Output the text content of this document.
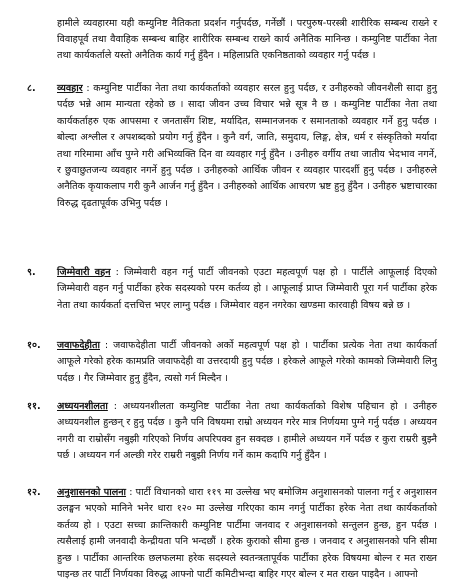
हामीले व्यवहारमा यही कम्युनिष्ट नैतिकता प्रदर्शन गर्नुपर्दछ, गर्नेछौं । परपुरुष-परस्त्री शारीरिक सम्बन्ध राख्ने र विवाहपूर्व तथा वैवाहिक सम्बन्ध बाहिर शारीरिक सम्बन्ध राख्ने कार्य अनैतिक मानिन्छ । कम्युनिष्ट पार्टीका नेता तथा कार्यकर्ताले यस्तो अनैतिक कार्य गर्नु हुँदैन । महिलाप्रति एकनिष्ठताको व्यवहार गर्नु पर्दछ ।

८.	व्यवहार : कम्युनिष्ट पार्टीका नेता तथा कार्यकर्ताको व्यवहार सरल हुनु पर्दछ, र उनीहरुको जीवनशैली सादा हुनु पर्दछ भन्ने आम मान्यता रहेको छ । सादा जीवन उच्च विचार भन्ने सूत्र नै छ । कम्युनिष्ट पार्टीका नेता तथा कार्यकर्ताहरु एक आपसमा र जनतासँग शिष्ट, मर्यादित, सम्मानजनक र समानताको व्यवहार गर्ने हुनु पर्दछ । बोल्दा अश्लील र अपशब्दको प्रयोग गर्नु हुँदैन । कुनै वर्ग, जाति, समुदाय, लिङ्ग, क्षेत्र, धर्म र संस्कृतिको मर्यादा तथा गरिमामा आँच पुग्ने गरी अभिव्यक्ति दिन वा व्यवहार गर्नु हुँदैन । उनीहरु वर्गीय तथा जातीय भेदभाव नगर्ने, र छुवाछुतजन्य व्यवहार नगर्ने हुनु पर्दछ । उनीहरुको आर्थिक जीवन र व्यवहार पारदर्शी हुनु पर्दछ । उनीहरुले अनैतिक कृयाकलाप गरी कुनै आर्जन गर्नु हुँदैन । उनीहरुको आर्थिक आचरण भ्रष्ट हुनु हुँदैन । उनीहरु भ्रष्टाचारका विरुद्ध दृढतापूर्वक उभिनु पर्दछ ।
९.	जिम्मेवारी वहन : जिम्मेवारी वहन गर्नु पार्टी जीवनको एउटा महत्वपूर्ण पक्ष हो । पार्टीले आफूलाई दिएको जिम्मेवारी वहन गर्नु पार्टीका हरेक सदस्यको परम कर्तव्य हो । आफूलाई प्राप्त जिम्मेवारी पूरा गर्न पार्टीका हरेक नेता तथा कार्यकर्ता दत्तचित्त भएर लाग्नु पर्दछ । जिम्मेवार वहन नगरेका खण्डमा कारवाही विषय बन्ने छ ।
१०.	जवाफदेहीता : जवाफदेहीता पार्टी जीवनको अर्को महत्वपूर्ण पक्ष हो । पार्टीका प्रत्येक नेता तथा कार्यकर्ता आफूले गरेको हरेक कामप्रति जवाफदेही वा उत्तरदायी हुनु पर्दछ । हरेकले आफूले गरेको कामको जिम्मेवारी लिनु पर्दछ । गैर जिम्मेवार हुनु हुँदैन, त्यसो गर्न मिल्दैन ।
११.	अध्ययनशीलता : अध्ययनशीलता कम्युनिष्ट पार्टीका नेता तथा कार्यकर्ताको विशेष पहिचान हो । उनीहरु अध्ययनशील हुन्छन् र हुनु पर्दछ । कुनै पनि विषयमा राम्रो अध्ययन गरेर मात्र निर्णयमा पुग्ने गर्नु पर्दछ । अध्ययन नगरी वा राम्रोसँग नबुझी गरिएको निर्णय अपरिपक्व हुन सक्दछ । हामीले अध्ययन गर्ने पर्दछ र कुरा राम्ररी बुझ्नै पर्छ । अध्ययन गर्न अल्छी गरेर राम्ररी नबुझी निर्णय गर्ने काम कदापि गर्नु हुँदैन ।
१२.	अनुशासनको पालना : पार्टी विधानको धारा ११९ मा उल्लेख भए बमोजिम अनुशासनको पालना गर्नु र अनुशासन उलङ्घन भएको मानिने भनेर धारा १२० मा उल्लेख गरिएका काम नगर्नु पार्टीका हरेक नेता तथा कार्यकर्ताको कर्तव्य हो । एउटा सच्चा क्रान्तिकारी कम्युनिष्ट पार्टीमा जनवाद र अनुशासनको सन्तुलन हुन्छ, हुन पर्दछ । त्यसैलाई हामी जनवादी केन्द्रीयता पनि भन्दछौं । हरेक कुराको सीमा हुन्छ । जनवाद र अनुशासनको पनि सीमा हुन्छ । पार्टीका आन्तरिक छलफलमा हरेक सदस्यले स्वतन्त्रतापूर्वक पार्टीका हरेक विषयमा बोल्न र मत राख्न पाइन्छ तर पार्टी निर्णयका विरुद्ध आफ्नो पार्टी कमिटीभन्दा बाहिर गएर बोल्न र मत राख्न पाइदैन । आफ्नो
